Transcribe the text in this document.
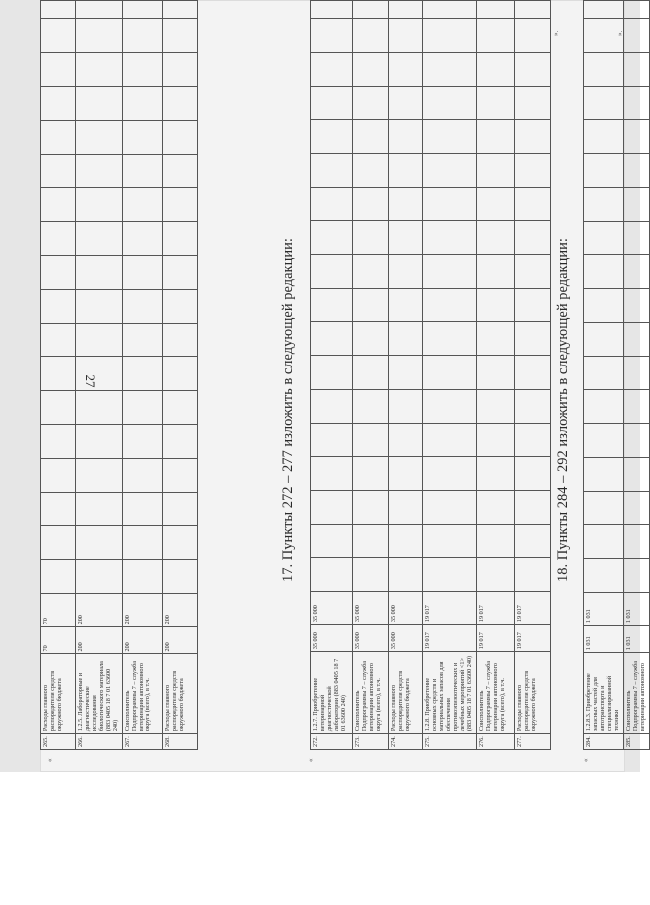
27
265.	Расходы главного распорядителя средств окружного бюджета	70	70																		
266.	1.2.5. Лабораторные и диагностические исследования биологического материала (883 0405 18 7 01 63600 240)	200	200																		
267.	Соисполнитель Подпрограммы 7 – служба ветеринарии автономного округа (всего), в т.ч.	200	200																		
268.	Расходы главного распорядителя средств окружного бюджета	200	200																		
«
».
17. Пункты 272 – 277 изложить в следующей редакции:
«
272.	1.2.7. Приобретение ветеринарной диагностической лаборатории (883 0405 18 7 01 63600 240)	35 000	35 000																		
273.	Соисполнитель Подпрограммы 7 – служба ветеринарии автономного округа (всего), в т.ч.	35 000	35 000																		
274.	Расходы главного распорядителя средств окружного бюджета	35 000	35 000																		
275.	1.2.8. Приобретение основных средств и материальных запасов для обеспечения противоэпизоотических и лечебных мероприятий <1> (883 0405 18 7 01 63600 240)	19 017	19 017																		
276.	Соисполнитель Подпрограммы 7 – служба ветеринарии автономного округа (всего), в т.ч.	19 017	19 017																		
277.	Расходы главного распорядителя средств окружного бюджета	19 017	19 017																		
».
18. Пункты 284 – 292 изложить в следующей редакции:
«
284.	1.2.8.3. Приобретение запасных частей для автотранспорта и специализированной техники	1 031	1 031																		
285.	Соисполнитель Подпрограммы 7 – служба ветеринарии автономного	1 031	1 031																		
